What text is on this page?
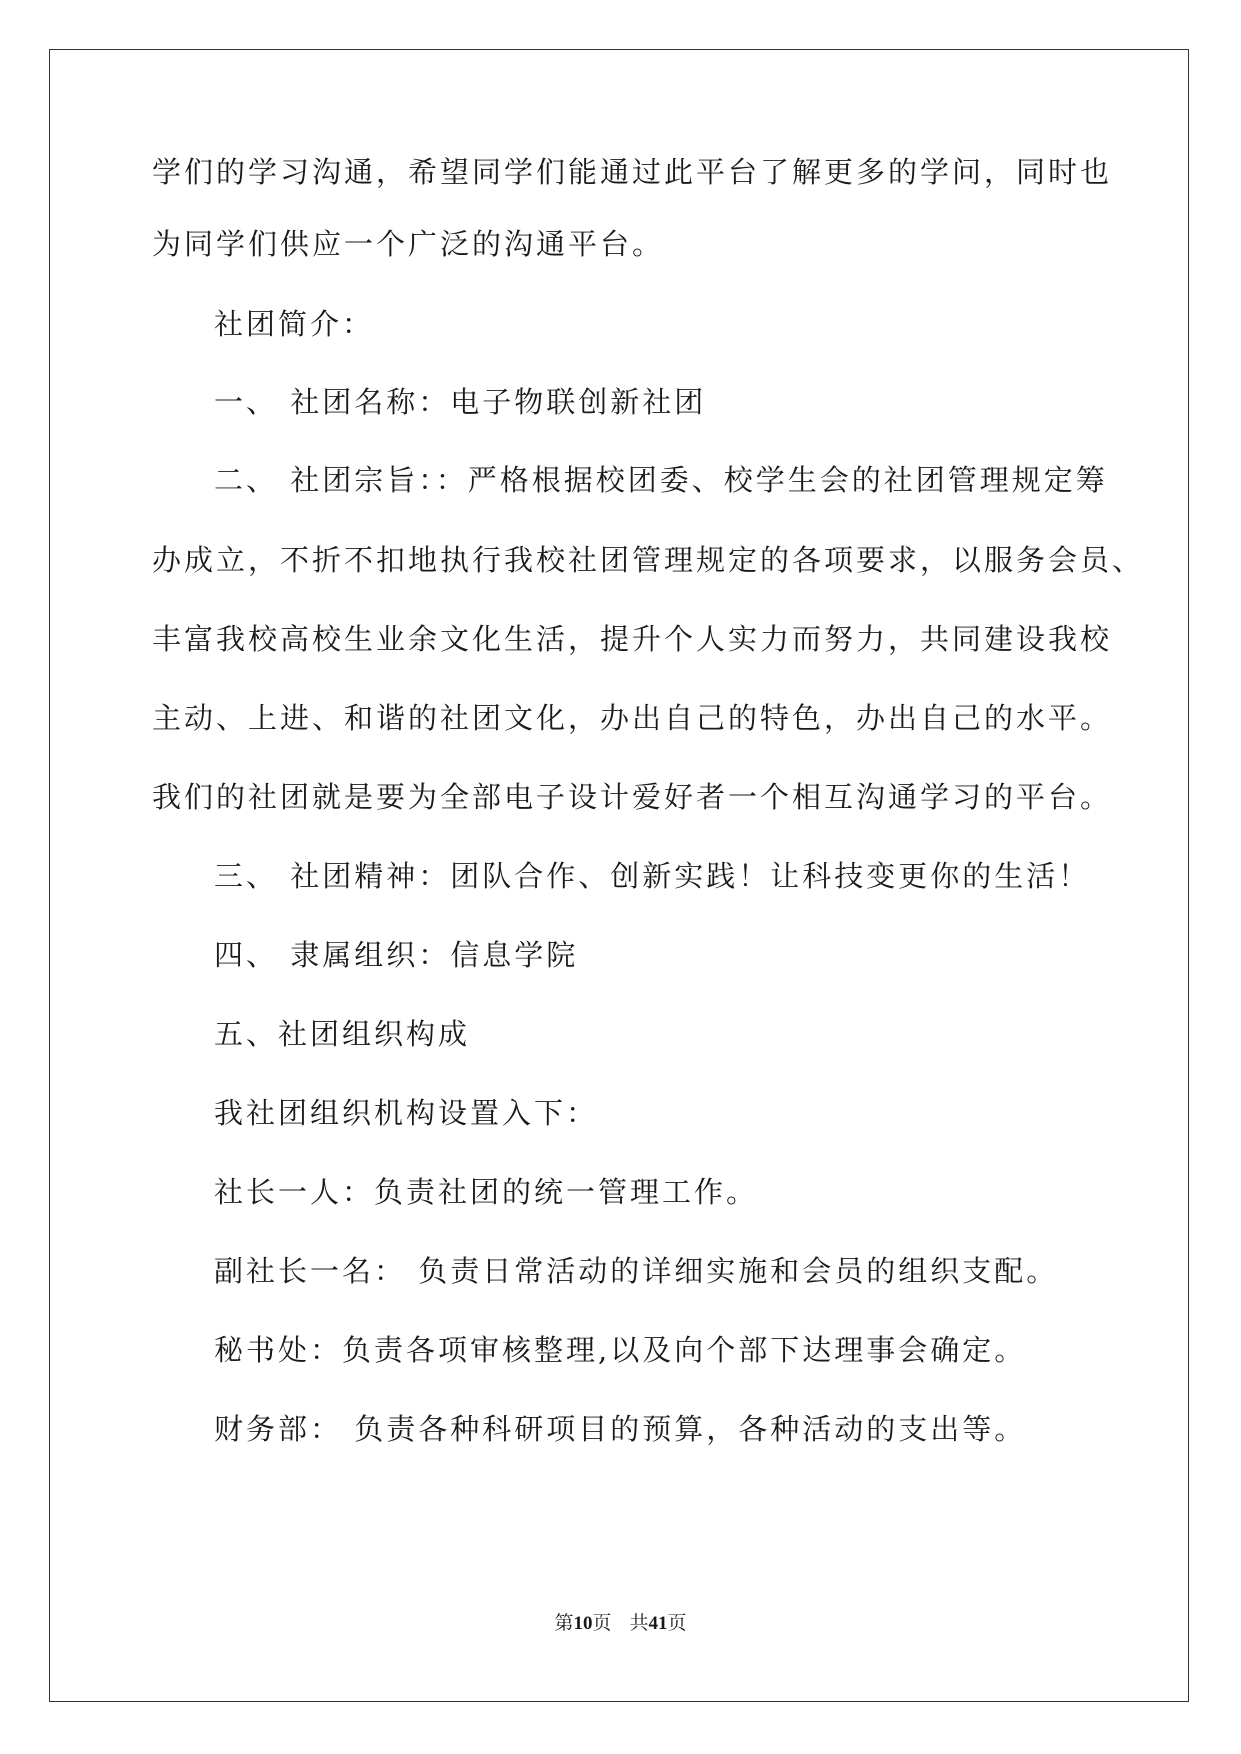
学们的学习沟通，希望同学们能通过此平台了解更多的学问，同时也
为同学们供应一个广泛的沟通平台。
社团简介：
一、 社团名称：电子物联创新社团
二、 社团宗旨：：严格根据校团委、校学生会的社团管理规定筹
办成立，不折不扣地执行我校社团管理规定的各项要求，以服务会员、
丰富我校高校生业余文化生活，提升个人实力而努力，共同建设我校
主动、上进、和谐的社团文化，办出自己的特色，办出自己的水平。
我们的社团就是要为全部电子设计爱好者一个相互沟通学习的平台。
三、 社团精神：团队合作、创新实践！让科技变更你的生活！
四、 隶属组织：信息学院
五、社团组织构成
我社团组织机构设置入下：
社长一人：负责社团的统一管理工作。
副社长一名： 负责日常活动的详细实施和会员的组织支配。
秘书处：负责各项审核整理,以及向个部下达理事会确定。
财务部： 负责各种科研项目的预算，各种活动的支出等。
第10页 共41页
